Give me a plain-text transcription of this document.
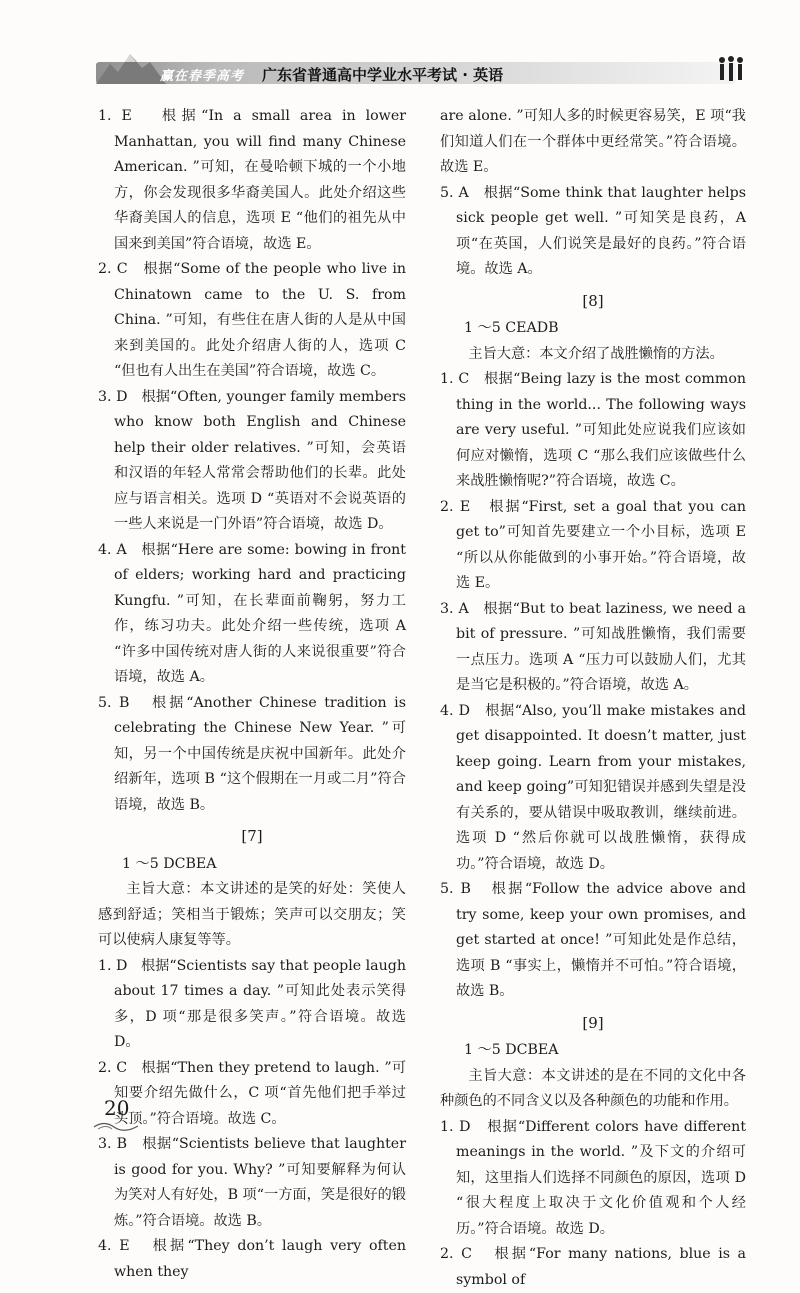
赢在春季高考 广东省普通高中学业水平考试 · 英语

1. E 根据“In a small area in lower Manhattan, you will find many Chinese American. ”可知，在曼哈顿下城的一个小地方，你会发现很多华裔美国人。此处介绍这些华裔美国人的信息，选项 E “他们的祖先从中国来到美国”符合语境，故选 E。

2. C 根据“Some of the people who live in Chinatown came to the U. S. from China. ”可知，有些住在唐人街的人是从中国来到美国的。此处介绍唐人街的人，选项 C “但也有人出生在美国”符合语境，故选 C。

3. D 根据“Often, younger family members who know both English and Chinese help their older relatives. ”可知，会英语和汉语的年轻人常常会帮助他们的长辈。此处应与语言相关。选项 D “英语对不会说英语的一些人来说是一门外语”符合语境，故选 D。

4. A 根据“Here are some: bowing in front of elders; working hard and practicing Kungfu. ”可知，在长辈面前鞠躬，努力工作，练习功夫。此处介绍一些传统，选项 A “许多中国传统对唐人街的人来说很重要”符合语境，故选 A。

5. B 根据“Another Chinese tradition is celebrating the Chinese New Year. ”可知，另一个中国传统是庆祝中国新年。此处介绍新年，选项 B “这个假期在一月或二月”符合语境，故选 B。

[7]

1 ～5 DCBEA

主旨大意：本文讲述的是笑的好处：笑使人感到舒适；笑相当于锻炼；笑声可以交朋友；笑可以使病人康复等等。

1. D 根据“Scientists say that people laugh about 17 times a day. ”可知此处表示笑得多，D 项“那是很多笑声。”符合语境。故选 D。

2. C 根据“Then they pretend to laugh. ”可知要介绍先做什么，C 项“首先他们把手举过头顶。”符合语境。故选 C。

3. B 根据“Scientists believe that laughter is good for you. Why? ”可知要解释为何认为笑对人有好处，B 项“一方面，笑是很好的锻炼。”符合语境。故选 B。

4. E 根据“They don’t laugh very often when they

are alone. ”可知人多的时候更容易笑，E 项“我们知道人们在一个群体中更经常笑。”符合语境。故选 E。

5. A 根据“Some think that laughter helps sick people get well. ”可知笑是良药，A 项“在英国，人们说笑是最好的良药。”符合语境。故选 A。

[8]

1 ～5 CEADB

主旨大意：本文介绍了战胜懒惰的方法。

1. C 根据“Being lazy is the most common thing in the world... The following ways are very useful. ”可知此处应说我们应该如何应对懒惰，选项 C “那么我们应该做些什么来战胜懒惰呢?”符合语境，故选 C。

2. E 根据“First, set a goal that you can get to”可知首先要建立一个小目标，选项 E “所以从你能做到的小事开始。”符合语境，故选 E。

3. A 根据“But to beat laziness, we need a bit of pressure. ”可知战胜懒惰，我们需要一点压力。选项 A “压力可以鼓励人们，尤其是当它是积极的。”符合语境，故选 A。

4. D 根据“Also, you’ll make mistakes and get disappointed. It doesn’t matter, just keep going. Learn from your mistakes, and keep going”可知犯错误并感到失望是没有关系的，要从错误中吸取教训，继续前进。选项 D “然后你就可以战胜懒惰，获得成功。”符合语境，故选 D。

5. B 根据“Follow the advice above and try some, keep your own promises, and get started at once! ”可知此处是作总结，选项 B “事实上，懒惰并不可怕。”符合语境，故选 B。

[9]

1 ～5 DCBEA

主旨大意：本文讲述的是在不同的文化中各种颜色的不同含义以及各种颜色的功能和作用。

1. D 根据“Different colors have different meanings in the world. ”及下文的介绍可知，这里指人们选择不同颜色的原因，选项 D “很大程度上取决于文化价值观和个人经历。”符合语境。故选 D。

2. C 根据“For many nations, blue is a symbol of

20
